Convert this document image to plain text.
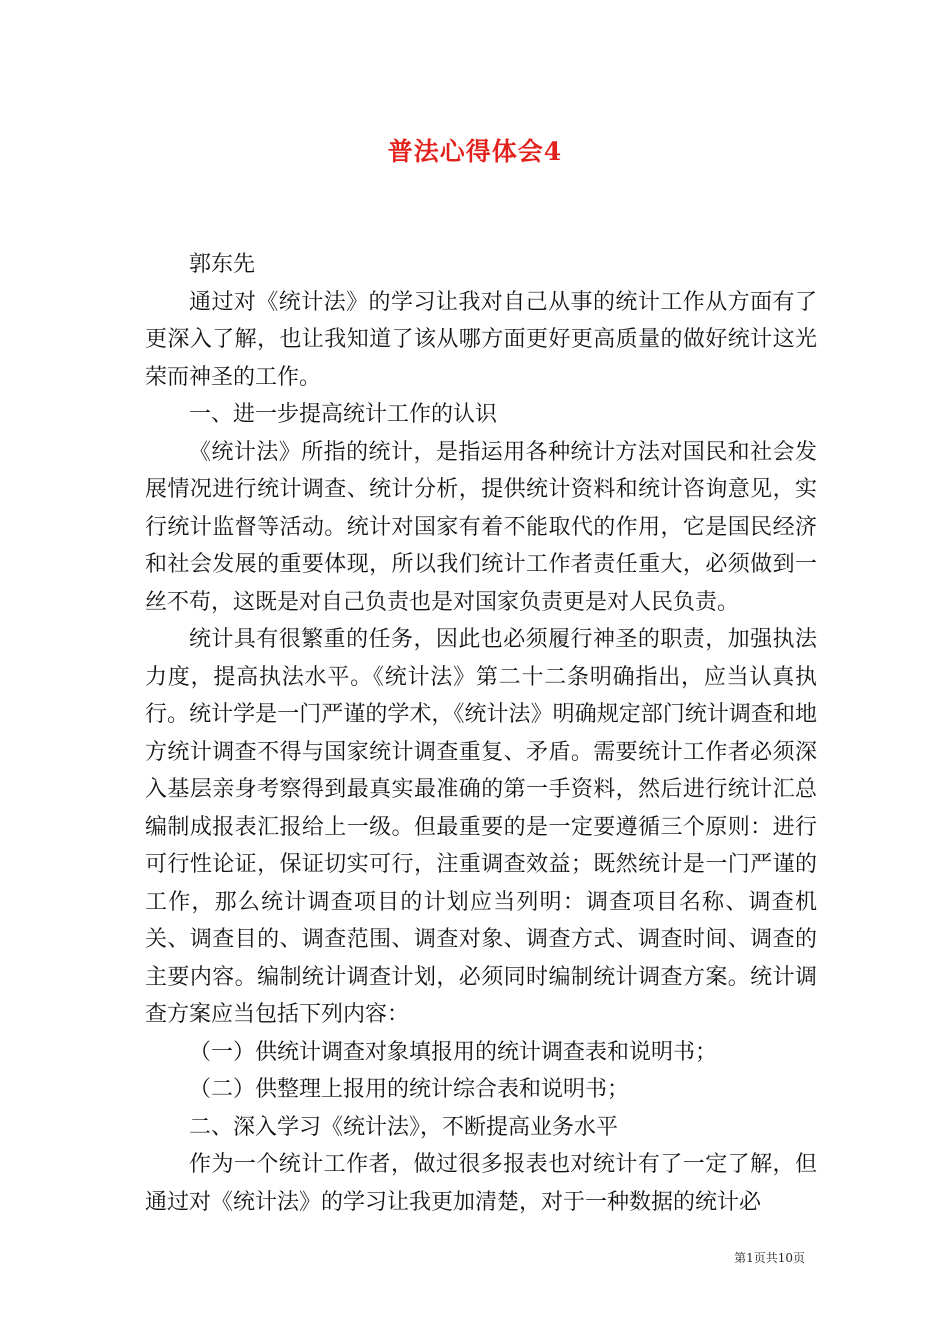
普法心得体会4

郭东先

通过对《统计法》的学习让我对自己从事的统计工作从方面有了更深入了解，也让我知道了该从哪方面更好更高质量的做好统计这光荣而神圣的工作。

一、进一步提高统计工作的认识

《统计法》所指的统计，是指运用各种统计方法对国民和社会发展情况进行统计调查、统计分析，提供统计资料和统计咨询意见，实行统计监督等活动。统计对国家有着不能取代的作用，它是国民经济和社会发展的重要体现，所以我们统计工作者责任重大，必须做到一丝不苟，这既是对自己负责也是对国家负责更是对人民负责。

统计具有很繁重的任务，因此也必须履行神圣的职责，加强执法力度，提高执法水平。《统计法》第二十二条明确指出，应当认真执行。统计学是一门严谨的学术，《统计法》明确规定部门统计调查和地方统计调查不得与国家统计调查重复、矛盾。需要统计工作者必须深入基层亲身考察得到最真实最准确的第一手资料，然后进行统计汇总编制成报表汇报给上一级。但最重要的是一定要遵循三个原则：进行可行性论证，保证切实可行，注重调查效益；既然统计是一门严谨的工作，那么统计调查项目的计划应当列明：调查项目名称、调查机关、调查目的、调查范围、调查对象、调查方式、调查时间、调查的主要内容。编制统计调查计划，必须同时编制统计调查方案。统计调查方案应当包括下列内容：

（一）供统计调查对象填报用的统计调查表和说明书；

（二）供整理上报用的统计综合表和说明书；

二、深入学习《统计法》，不断提高业务水平

作为一个统计工作者，做过很多报表也对统计有了一定了解，但通过对《统计法》的学习让我更加清楚，对于一种数据的统计必

第1页共10页
